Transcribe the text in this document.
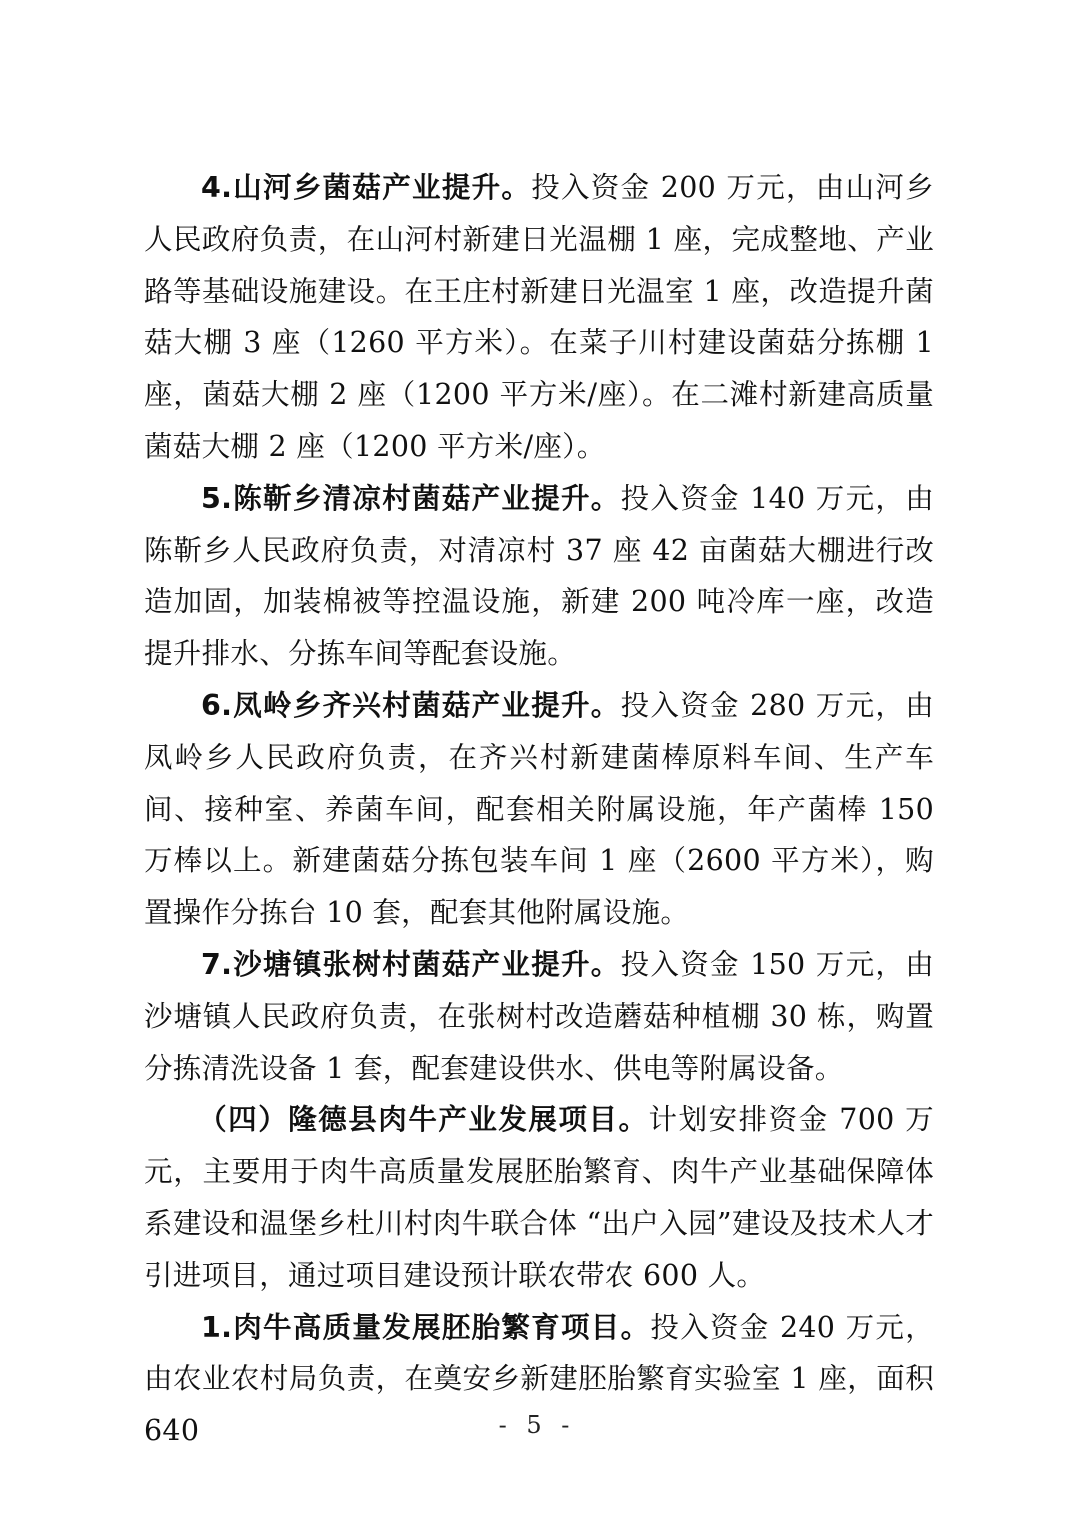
4.山河乡菌菇产业提升。投入资金 200 万元，由山河乡人民政府负责，在山河村新建日光温棚 1 座，完成整地、产业路等基础设施建设。在王庄村新建日光温室 1 座，改造提升菌菇大棚 3 座（1260 平方米）。在菜子川村建设菌菇分拣棚 1 座，菌菇大棚 2 座（1200 平方米/座）。在二滩村新建高质量菌菇大棚 2 座（1200 平方米/座）。

5.陈靳乡清凉村菌菇产业提升。投入资金 140 万元，由陈靳乡人民政府负责，对清凉村 37 座 42 亩菌菇大棚进行改造加固，加装棉被等控温设施，新建 200 吨冷库一座，改造提升排水、分拣车间等配套设施。

6.凤岭乡齐兴村菌菇产业提升。投入资金 280 万元，由凤岭乡人民政府负责，在齐兴村新建菌棒原料车间、生产车间、接种室、养菌车间，配套相关附属设施，年产菌棒 150 万棒以上。新建菌菇分拣包装车间 1 座（2600 平方米），购置操作分拣台 10 套，配套其他附属设施。

7.沙塘镇张树村菌菇产业提升。投入资金 150 万元，由沙塘镇人民政府负责，在张树村改造蘑菇种植棚 30 栋，购置分拣清洗设备 1 套，配套建设供水、供电等附属设备。

（四）隆德县肉牛产业发展项目。计划安排资金 700 万元，主要用于肉牛高质量发展胚胎繁育、肉牛产业基础保障体系建设和温堡乡杜川村肉牛联合体 “出户入园”建设及技术人才引进项目，通过项目建设预计联农带农 600 人。

1.肉牛高质量发展胚胎繁育项目。投入资金 240 万元，由农业农村局负责，在奠安乡新建胚胎繁育实验室 1 座，面积 640	- 5 -
